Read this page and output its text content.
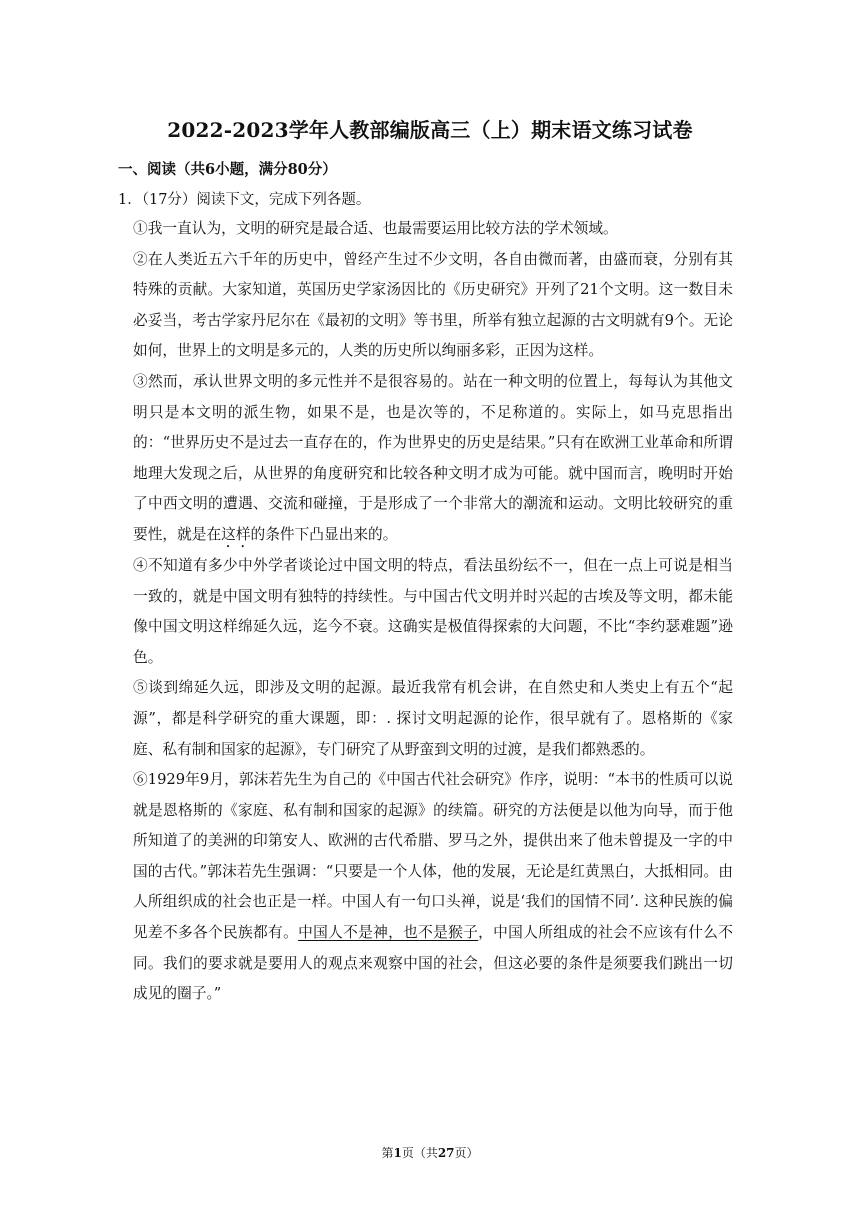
2022-2023学年人教部编版高三（上）期末语文练习试卷
一、阅读（共6小题，满分80分）
1．（17分）阅读下文，完成下列各题。

①我一直认为，文明的研究是最合适、也最需要运用比较方法的学术领域。

②在人类近五六千年的历史中，曾经产生过不少文明，各自由微而著，由盛而衰，分别有其特殊的贡献。大家知道，英国历史学家汤因比的《历史研究》开列了21个文明。这一数目未必妥当，考古学家丹尼尔在《最初的文明》等书里，所举有独立起源的古文明就有9个。无论如何，世界上的文明是多元的，人类的历史所以绚丽多彩，正因为这样。

③然而，承认世界文明的多元性并不是很容易的。站在一种文明的位置上，每每认为其他文明只是本文明的派生物，如果不是，也是次等的，不足称道的。实际上，如马克思指出的：“世界历史不是过去一直存在的，作为世界史的历史是结果。”只有在欧洲工业革命和所谓地理大发现之后，从世界的角度研究和比较各种文明才成为可能。就中国而言，晚明时开始了中西文明的遭遇、交流和碰撞，于是形成了一个非常大的潮流和运动。文明比较研究的重要性，就是在这样的条件下凸显出来的。

④不知道有多少中外学者谈论过中国文明的特点，看法虽纷纭不一，但在一点上可说是相当一致的，就是中国文明有独特的持续性。与中国古代文明并时兴起的古埃及等文明，都未能像中国文明这样绵延久远，迄今不衰。这确实是极值得探索的大问题，不比“李约瑟难题”逊色。

⑤谈到绵延久远，即涉及文明的起源。最近我常有机会讲，在自然史和人类史上有五个“起源”，都是科学研究的重大课题，即：. 探讨文明起源的论作，很早就有了。恩格斯的《家庭、私有制和国家的起源》，专门研究了从野蛮到文明的过渡，是我们都熟悉的。

⑥1929年9月，郭沫若先生为自己的《中国古代社会研究》作序，说明：“本书的性质可以说就是恩格斯的《家庭、私有制和国家的起源》的续篇。研究的方法便是以他为向导，而于他所知道了的美洲的印第安人、欧洲的古代希腊、罗马之外，提供出来了他未曾提及一字的中国的古代。”郭沫若先生强调：“只要是一个人体，他的发展，无论是红黄黑白，大抵相同。由人所组织成的社会也正是一样。中国人有一句口头禅，说是‘我们的国情不同’. 这种民族的偏见差不多各个民族都有。中国人不是神，也不是猴子，中国人所组成的社会不应该有什么不同。我们的要求就是要用人的观点来观察中国的社会，但这必要的条件是须要我们跳出一切成见的圈子。”

第1页（共27页）
